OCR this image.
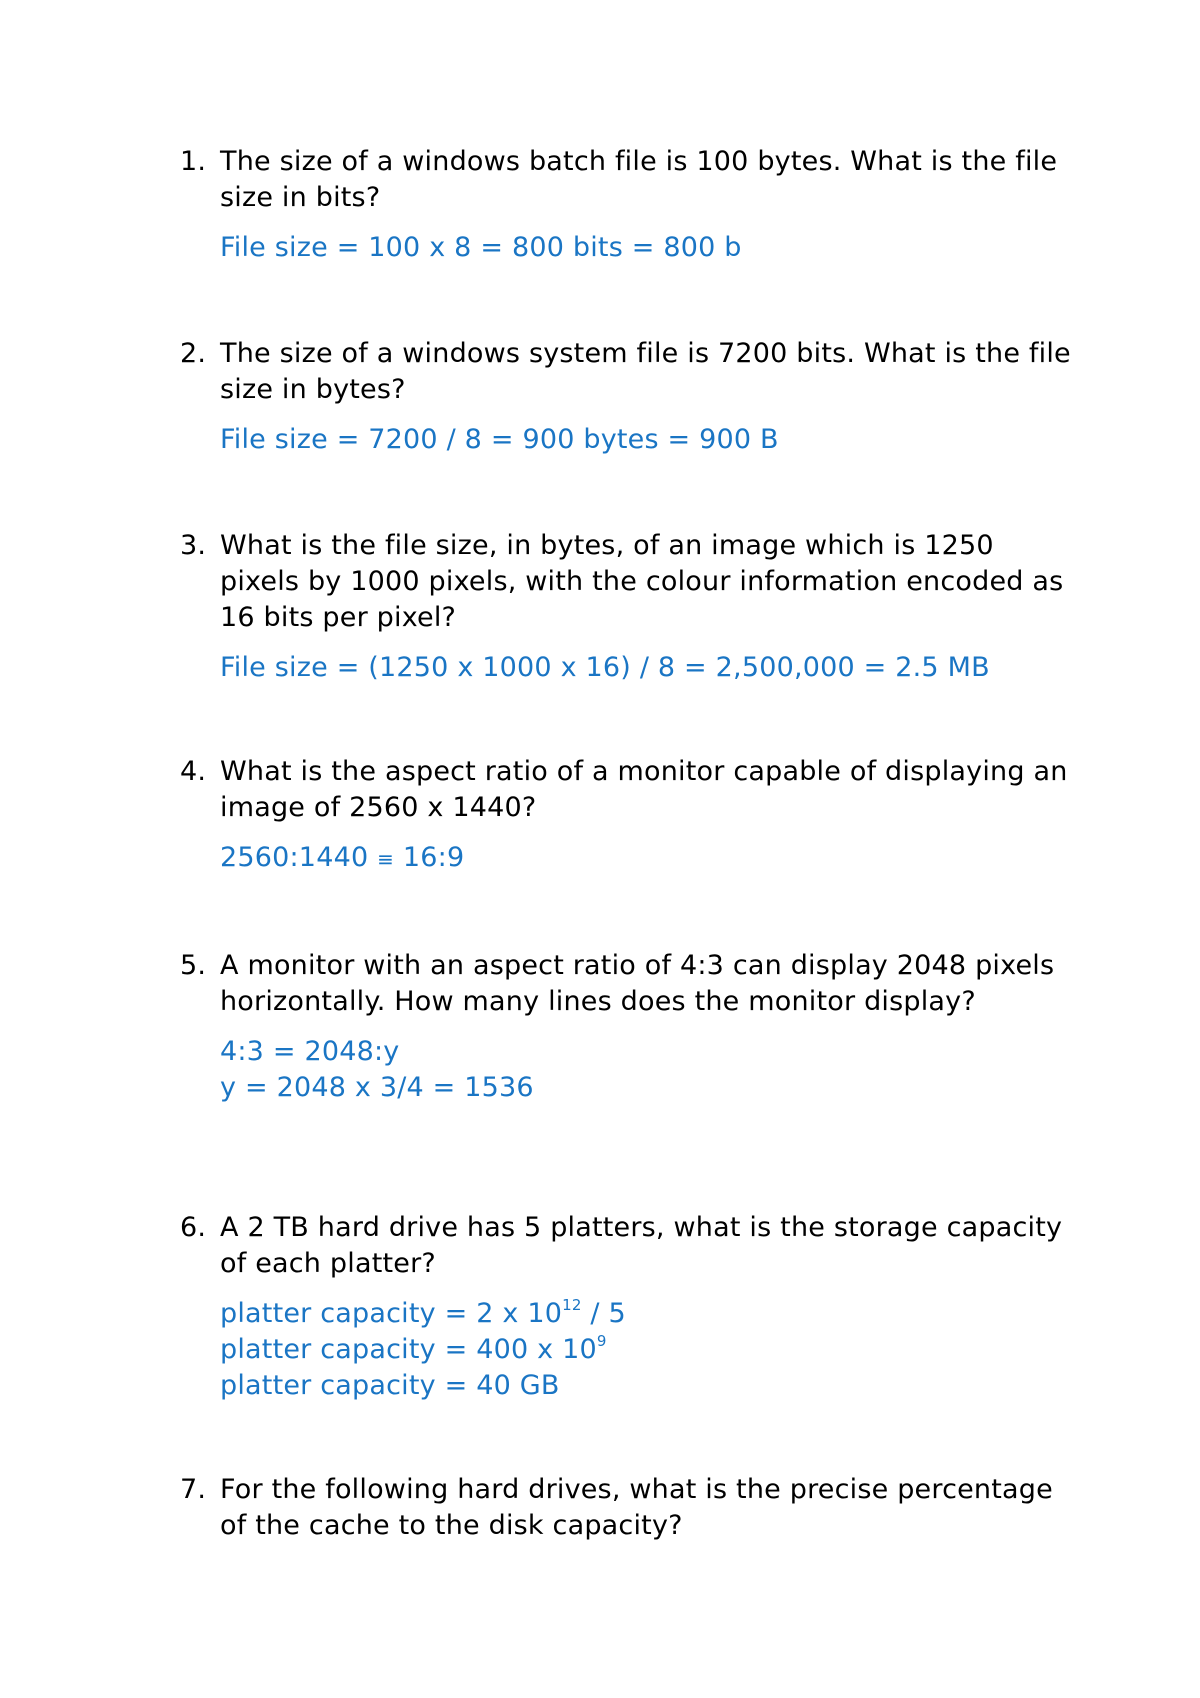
1. The size of a windows batch file is 100 bytes. What is the file size in bits?

File size = 100 x 8 = 800 bits = 800 b

2. The size of a windows system file is 7200 bits. What is the file size in bytes?

File size = 7200 / 8 = 900 bytes = 900 B

3. What is the file size, in bytes, of an image which is 1250 pixels by 1000 pixels, with the colour information encoded as 16 bits per pixel?

File size = (1250 x 1000 x 16) / 8 = 2,500,000 = 2.5 MB

4. What is the aspect ratio of a monitor capable of displaying an image of 2560 x 1440?

2560:1440 ≡ 16:9

5. A monitor with an aspect ratio of 4:3 can display 2048 pixels horizontally. How many lines does the monitor display?

4:3 = 2048:y
y = 2048 x 3/4 = 1536

6. A 2 TB hard drive has 5 platters, what is the storage capacity of each platter?

platter capacity = 2 x $10^{12} / 5$
platter capacity = 400 x $10^9$
platter capacity = 40 GB

7. For the following hard drives, what is the precise percentage of the cache to the disk capacity?
